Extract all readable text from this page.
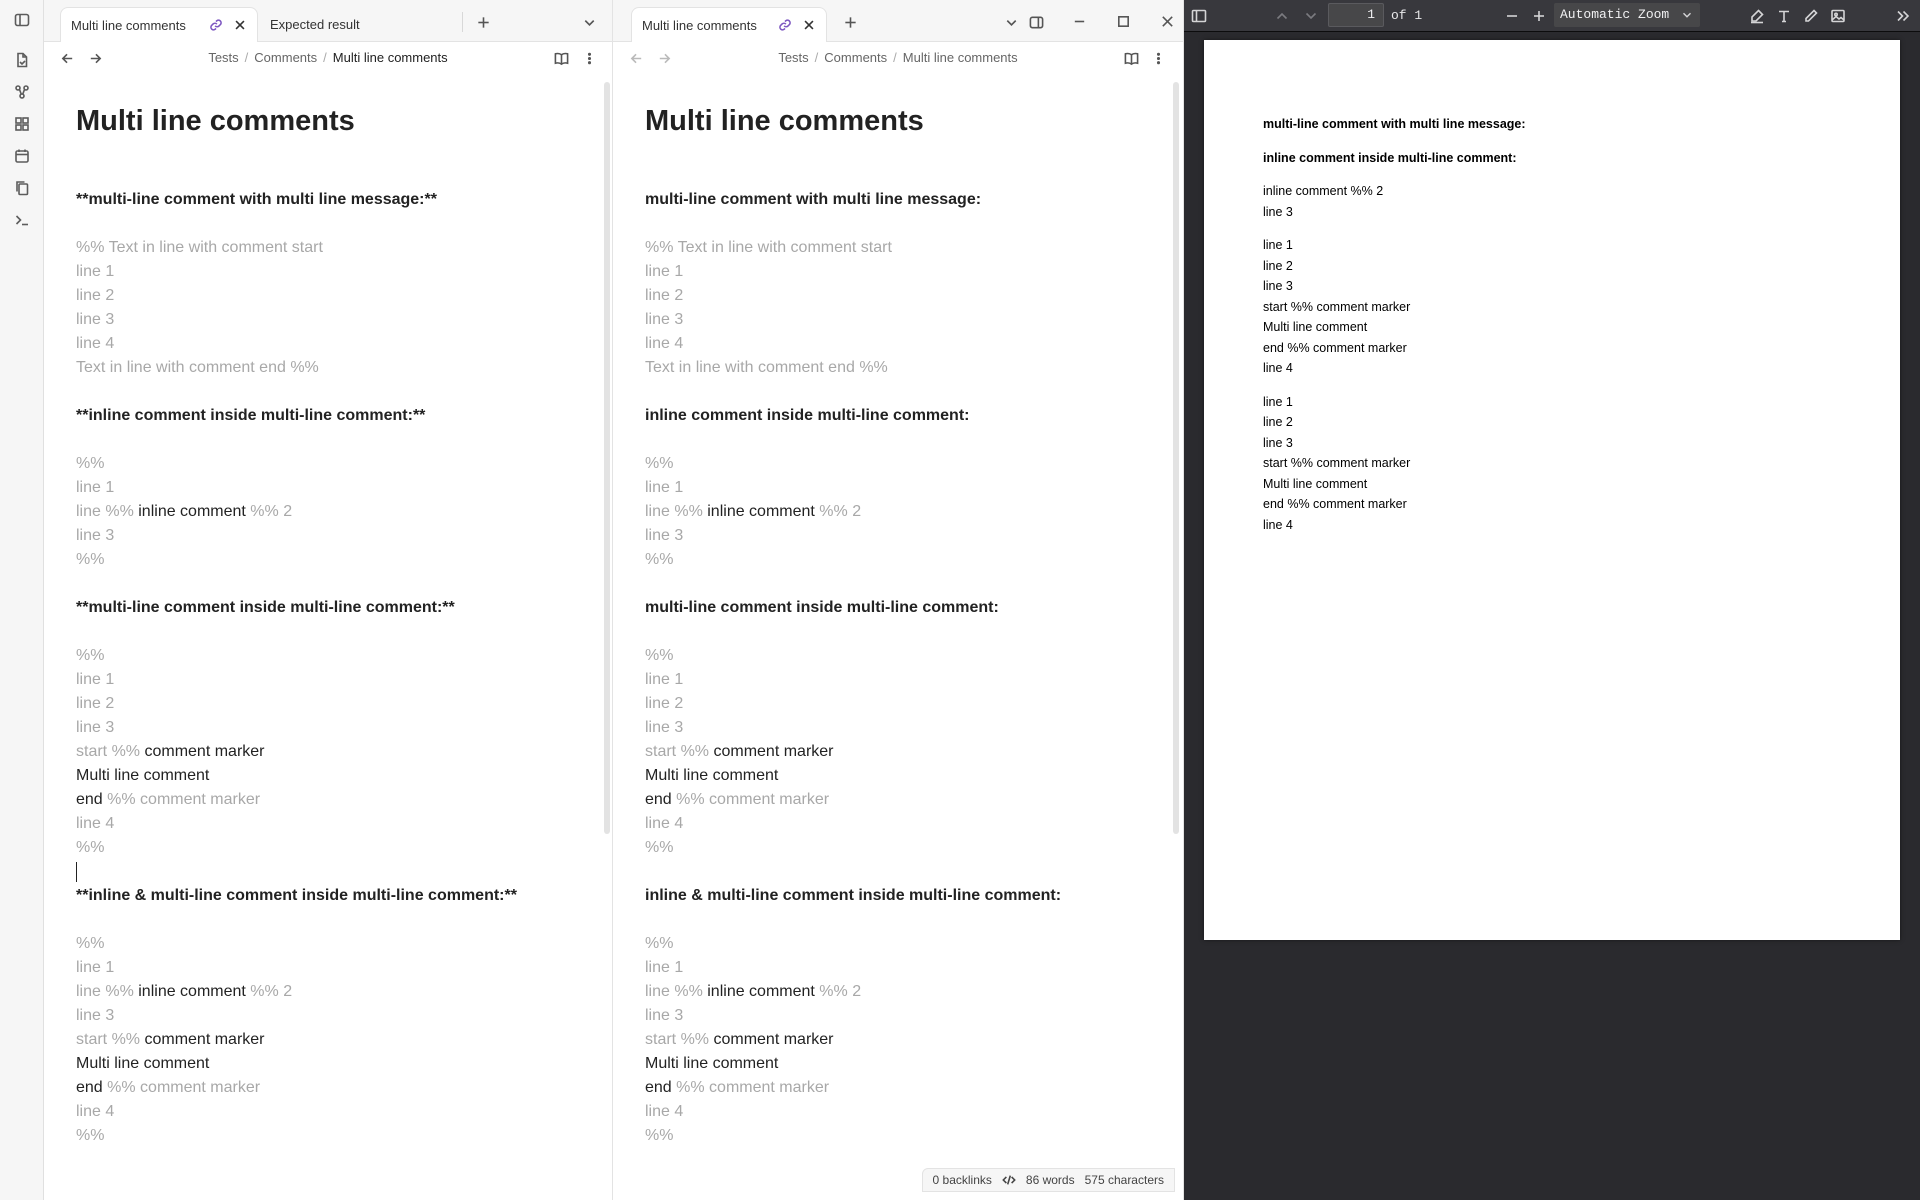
Multi line comments	Expected result
Tests / Comments / Multi line comments
Multi line comments
**multi-line comment with multi line message:**
%% Text in line with comment start
line 1
line 2
line 3
line 4
Text in line with comment end %%
**inline comment inside multi-line comment:**
%%
line 1
line %% inline comment %% 2
line 3
%%
**multi-line comment inside multi-line comment:**
%%
line 1
line 2
line 3
start %% comment marker
Multi line comment
end %% comment marker
line 4
%%
**inline & multi-line comment inside multi-line comment:**
%%
line 1
line %% inline comment %% 2
line 3
start %% comment marker
Multi line comment
end %% comment marker
line 4
%%
Multi line comments
Tests / Comments / Multi line comments
Multi line comments
multi-line comment with multi line message:
%% Text in line with comment start
line 1
line 2
line 3
line 4
Text in line with comment end %%
inline comment inside multi-line comment:
%%
line 1
line %% inline comment %% 2
line 3
%%
multi-line comment inside multi-line comment:
%%
line 1
line 2
line 3
start %% comment marker
Multi line comment
end %% comment marker
line 4
%%
inline & multi-line comment inside multi-line comment:
%%
line 1
line %% inline comment %% 2
line 3
start %% comment marker
Multi line comment
end %% comment marker
line 4
%%
0 backlinks	86 words 575 characters
1	of 1	Automatic Zoom
multi-line comment with multi line message:
inline comment inside multi-line comment:
inline comment %% 2
line 3
line 1
line 2
line 3
start %% comment marker
Multi line comment
end %% comment marker
line 4
line 1
line 2
line 3
start %% comment marker
Multi line comment
end %% comment marker
line 4
